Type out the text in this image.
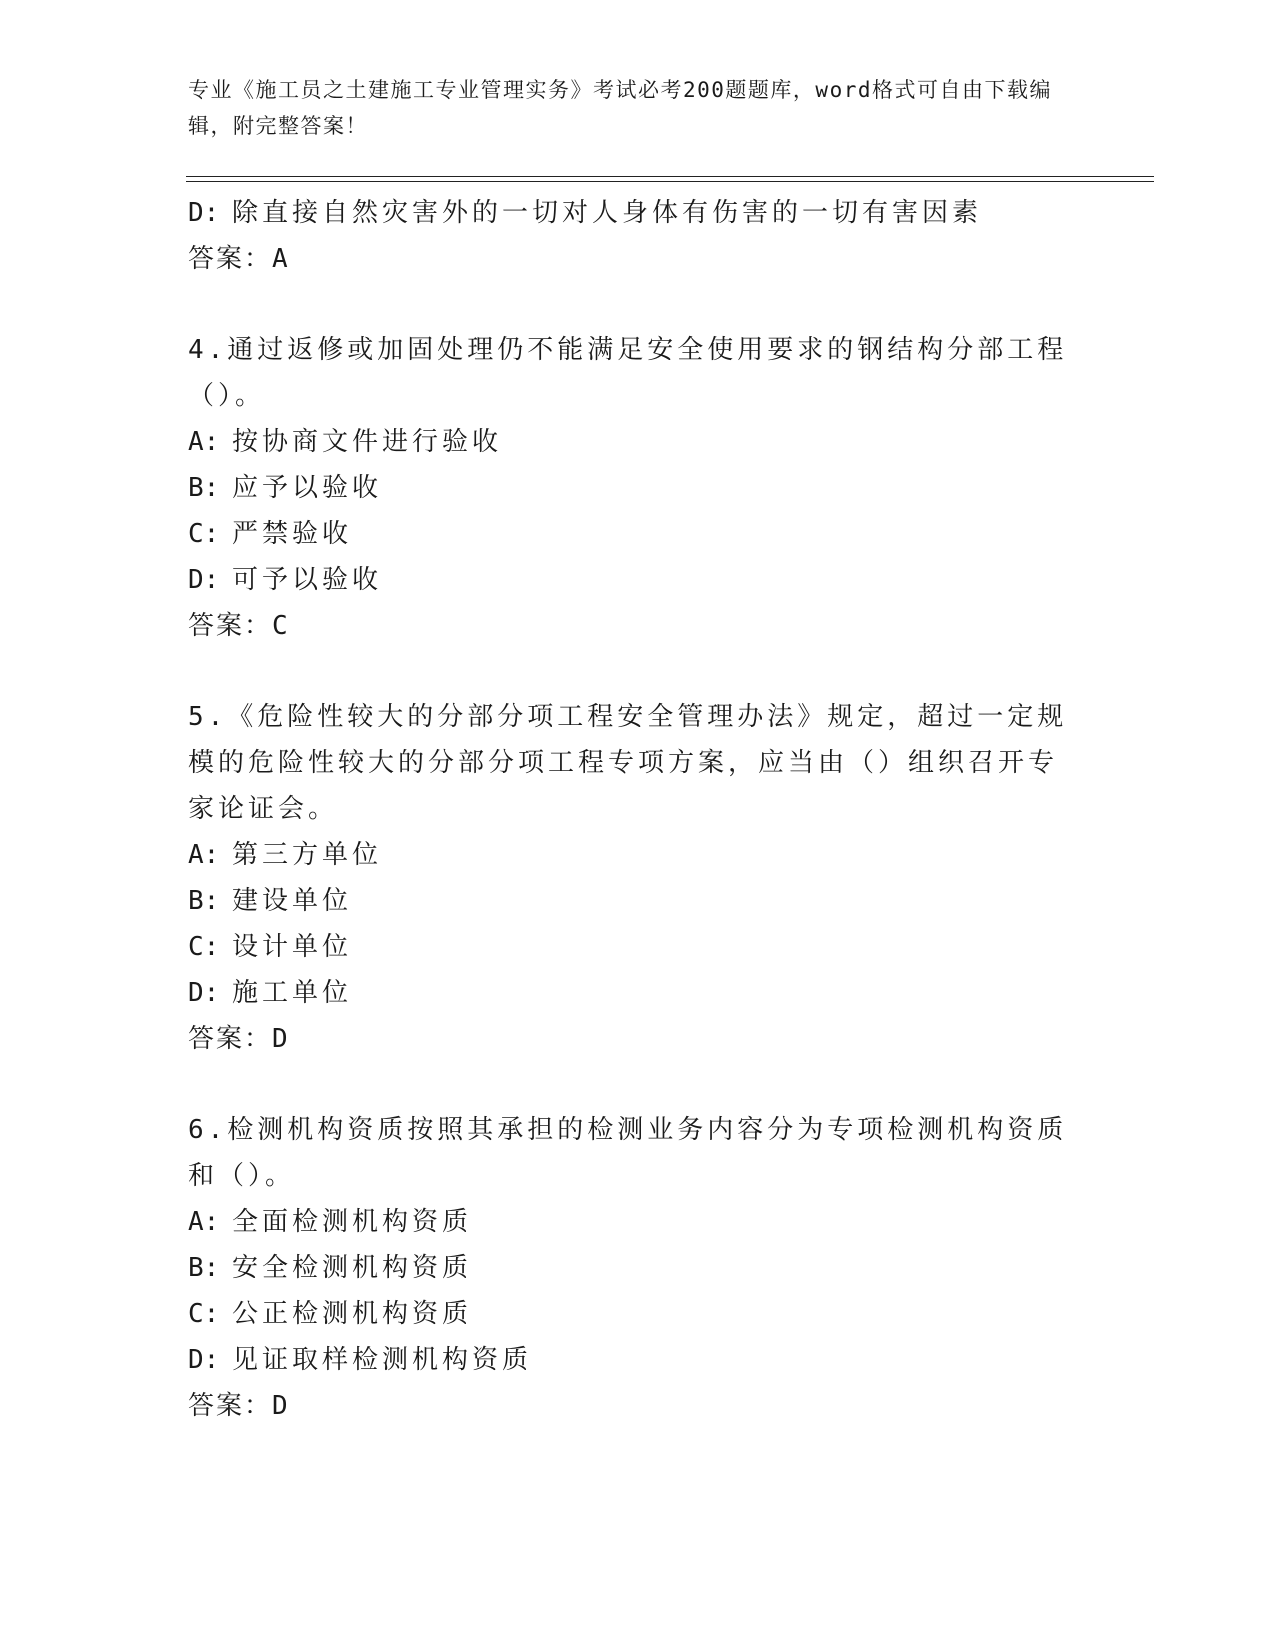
专业《施工员之土建施工专业管理实务》考试必考200题题库，word格式可自由下载编辑，附完整答案！

D: 除直接自然灾害外的一切对人身体有伤害的一切有害因素
答案：A
4.通过返修或加固处理仍不能满足安全使用要求的钢结构分部工程（）。
A: 按协商文件进行验收
B: 应予以验收
C: 严禁验收
D: 可予以验收
答案：C
5.《危险性较大的分部分项工程安全管理办法》规定，超过一定规模的危险性较大的分部分项工程专项方案，应当由（）组织召开专家论证会。
A: 第三方单位
B: 建设单位
C: 设计单位
D: 施工单位
答案：D
6.检测机构资质按照其承担的检测业务内容分为专项检测机构资质和（）。
A: 全面检测机构资质
B: 安全检测机构资质
C: 公正检测机构资质
D: 见证取样检测机构资质
答案：D
